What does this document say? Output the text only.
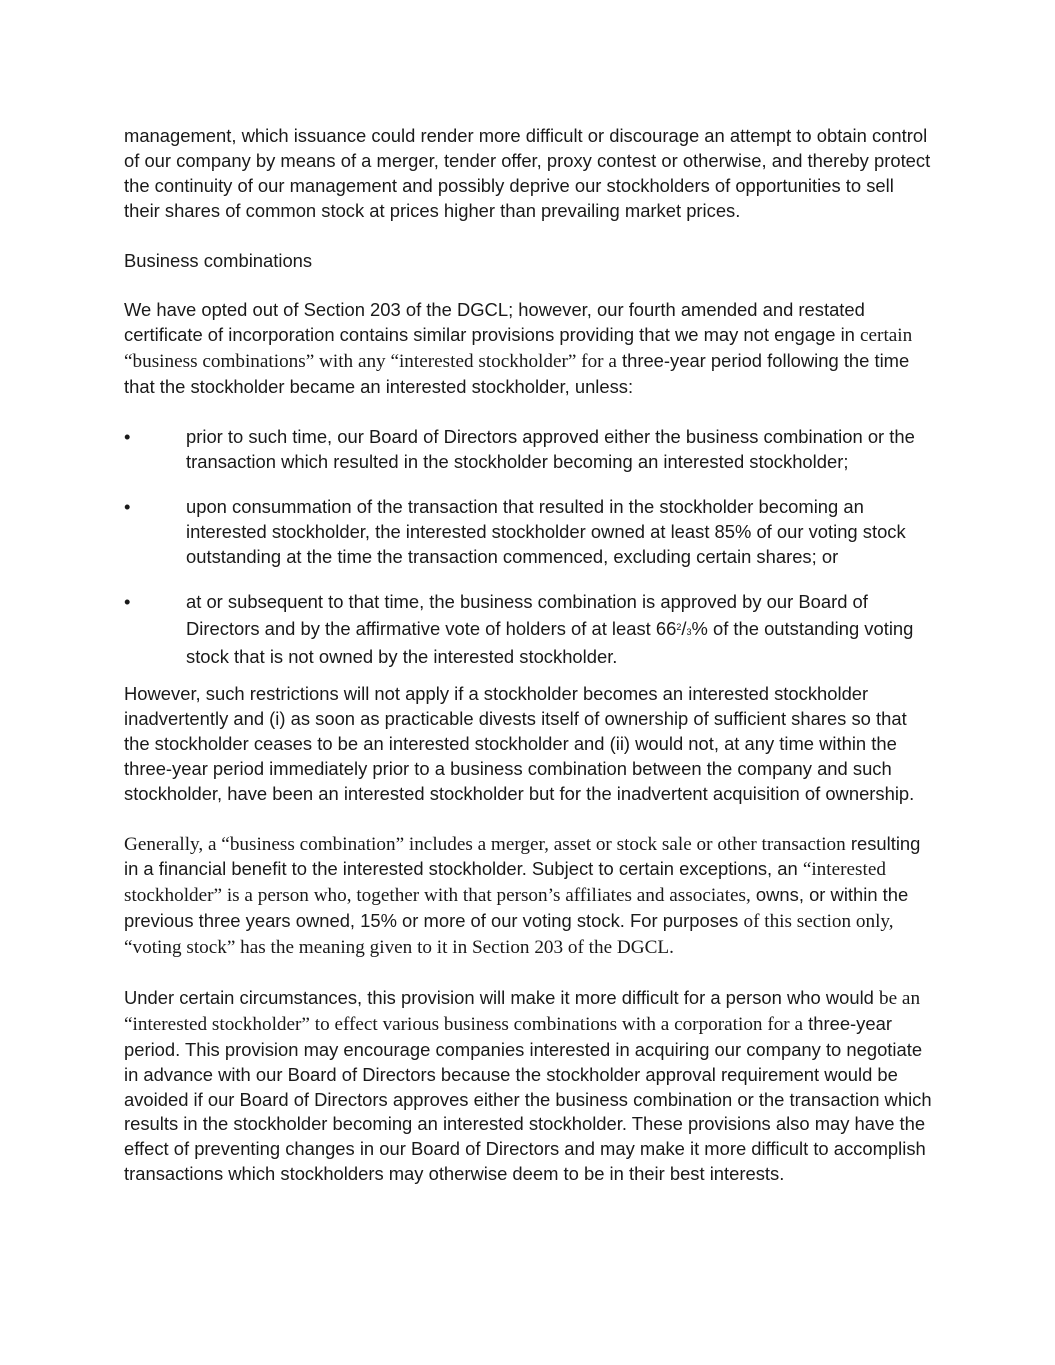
management, which issuance could render more difficult or discourage an attempt to obtain control of our company by means of a merger, tender offer, proxy contest or otherwise, and thereby protect the continuity of our management and possibly deprive our stockholders of opportunities to sell their shares of common stock at prices higher than prevailing market prices.

Business combinations

We have opted out of Section 203 of the DGCL; however, our fourth amended and restated certificate of incorporation contains similar provisions providing that we may not engage in certain “business combinations” with any “interested stockholder” for a three-year period following the time that the stockholder became an interested stockholder, unless:

•	prior to such time, our Board of Directors approved either the business combination or the transaction which resulted in the stockholder becoming an interested stockholder;
•	upon consummation of the transaction that resulted in the stockholder becoming an interested stockholder, the interested stockholder owned at least 85% of our voting stock outstanding at the time the transaction commenced, excluding certain shares; or
•	at or subsequent to that time, the business combination is approved by our Board of Directors and by the affirmative vote of holders of at least $66^2/3\%$ of the outstanding voting stock that is not owned by the interested stockholder.

However, such restrictions will not apply if a stockholder becomes an interested stockholder inadvertently and (i) as soon as practicable divests itself of ownership of sufficient shares so that the stockholder ceases to be an interested stockholder and (ii) would not, at any time within the three-year period immediately prior to a business combination between the company and such stockholder, have been an interested stockholder but for the inadvertent acquisition of ownership.

Generally, a “business combination” includes a merger, asset or stock sale or other transaction resulting in a financial benefit to the interested stockholder. Subject to certain exceptions, an “interested stockholder” is a person who, together with that person’s affiliates and associates, owns, or within the previous three years owned, 15% or more of our voting stock. For purposes of this section only, “voting stock” has the meaning given to it in Section 203 of the DGCL.

Under certain circumstances, this provision will make it more difficult for a person who would be an “interested stockholder” to effect various business combinations with a corporation for a three-year period. This provision may encourage companies interested in acquiring our company to negotiate in advance with our Board of Directors because the stockholder approval requirement would be avoided if our Board of Directors approves either the business combination or the transaction which results in the stockholder becoming an interested stockholder. These provisions also may have the effect of preventing changes in our Board of Directors and may make it more difficult to accomplish transactions which stockholders may otherwise deem to be in their best interests.
